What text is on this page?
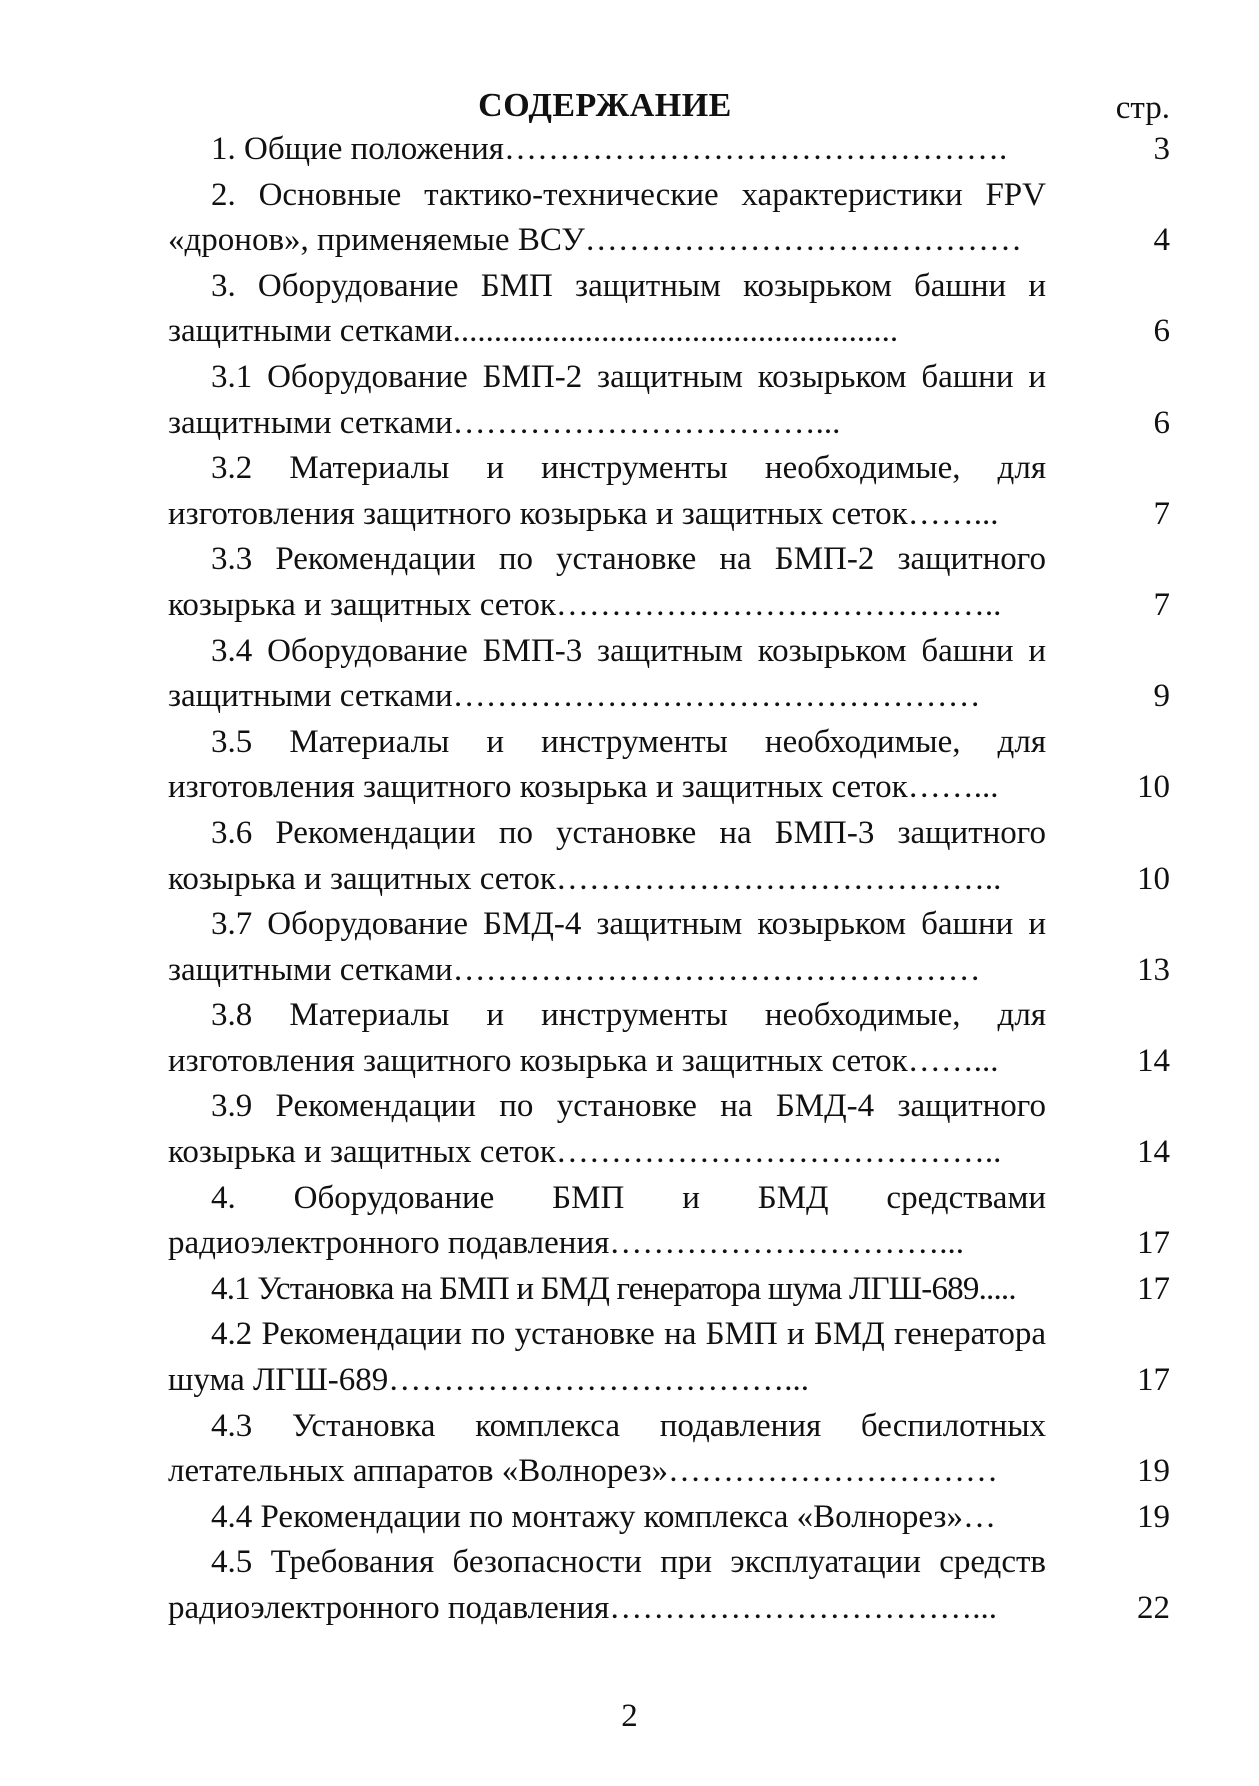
СОДЕРЖАНИЕ	стр.
1. Общие положения……………………………………….	3
2. Основные тактико-технические характеристики FPV «дронов», применяемые ВСУ……………………….…………	4
3. Оборудование БМП защитным козырьком башни и защитными сетками......................................................	6
3.1 Оборудование БМП-2 защитным козырьком башни и защитными сетками……………………………...	6
3.2 Материалы и инструменты необходимые, для изготовления защитного козырька и защитных сеток……...	7
3.3 Рекомендации по установке на БМП-2 защитного козырька и защитных сеток…………………………………..	7
3.4 Оборудование БМП-3 защитным козырьком башни и защитными сетками…………………………………………	9
3.5 Материалы и инструменты необходимые, для изготовления защитного козырька и защитных сеток……...	10
3.6 Рекомендации по установке на БМП-3 защитного козырька и защитных сеток…………………………………..	10
3.7 Оборудование БМД-4 защитным козырьком башни и защитными сетками…………………………………………	13
3.8 Материалы и инструменты необходимые, для изготовления защитного козырька и защитных сеток……...	14
3.9 Рекомендации по установке на БМД-4 защитного козырька и защитных сеток…………………………………..	14
4. Оборудование БМП и БМД средствами радиоэлектронного подавления…………………………...	17
4.1 Установка на БМП и БМД генератора шума ЛГШ-689.....	17
4.2 Рекомендации по установке на БМП и БМД генератора шума ЛГШ-689………………………………...	17
4.3 Установка комплекса подавления беспилотных летательных аппаратов «Волнорез»…………………………	19
4.4 Рекомендации по монтажу комплекса «Волнорез»…	19
4.5 Требования безопасности при эксплуатации средств радиоэлектронного подавления……………………………...	22
2
